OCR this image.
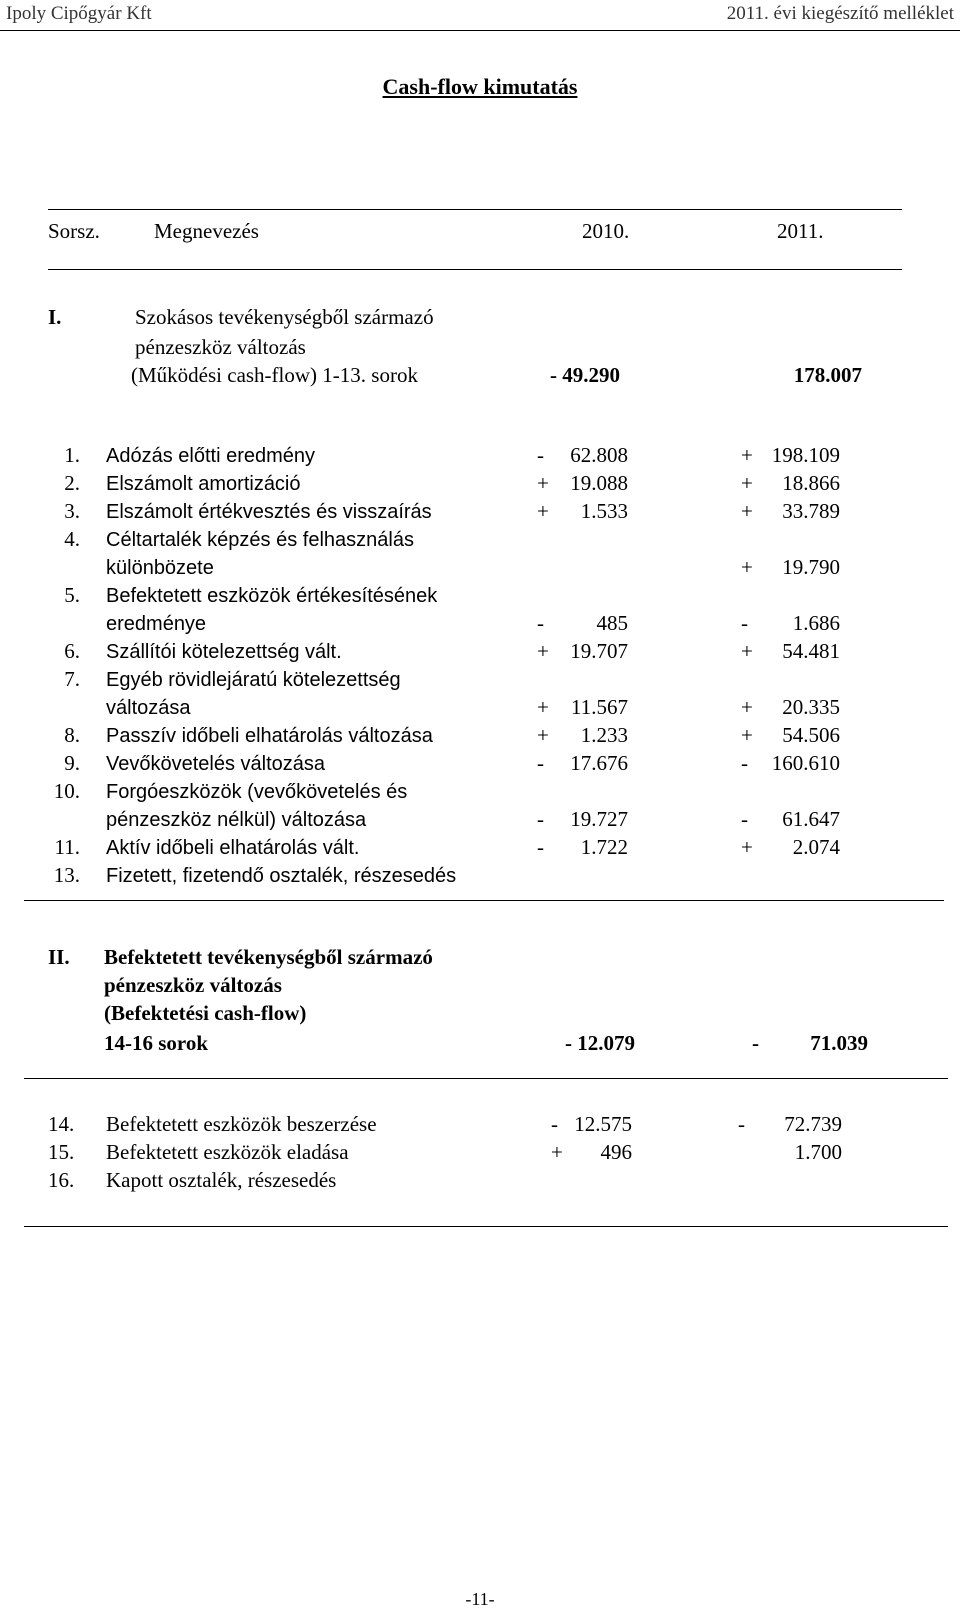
Ipoly Cipőgyár Kft	2011. évi kiegészítő melléklet
Cash-flow kimutatás
Sorsz.	Megnevezés	2010.	2011.
I.	Szokásos tevékenységből származó
pénzeszköz változás
(Működési cash-flow) 1-13. sorok	- 49.290	178.007
1. Adózás előtti eredmény	-	62.808	+ 198.109
2. Elszámolt amortizáció	+	19.088	+	18.866
3. Elszámolt értékvesztés és visszaírás	+	1.533	+	33.789
4. Céltartalék képzés és felhasználás
különbözete	+	19.790
5. Befektetett eszközök értékesítésének
eredménye	-	485	-	1.686
6. Szállítói kötelezettség vált.	+	19.707	+	54.481
7. Egyéb rövidlejáratú kötelezettség
változása	+	11.567	+	20.335
8. Passzív időbeli elhatárolás változása	+	1.233	+	54.506
9. Vevőkövetelés változása	-	17.676	-	160.610
10. Forgóeszközök (vevőkövetelés és
pénzeszköz nélkül) változása	-	19.727	-	61.647
11. Aktív időbeli elhatárolás vált.	-	1.722	+	2.074
13. Fizetett, fizetendő osztalék, részesedés
II. Befektetett tevékenységből származó
pénzeszköz változás
(Befektetési cash-flow)
14-16 sorok	- 12.079	-	71.039
14. Befektetett eszközök beszerzése	- 12.575	-	72.739
15. Befektetett eszközök eladása	+	496	1.700
16. Kapott osztalék, részesedés
-11-
